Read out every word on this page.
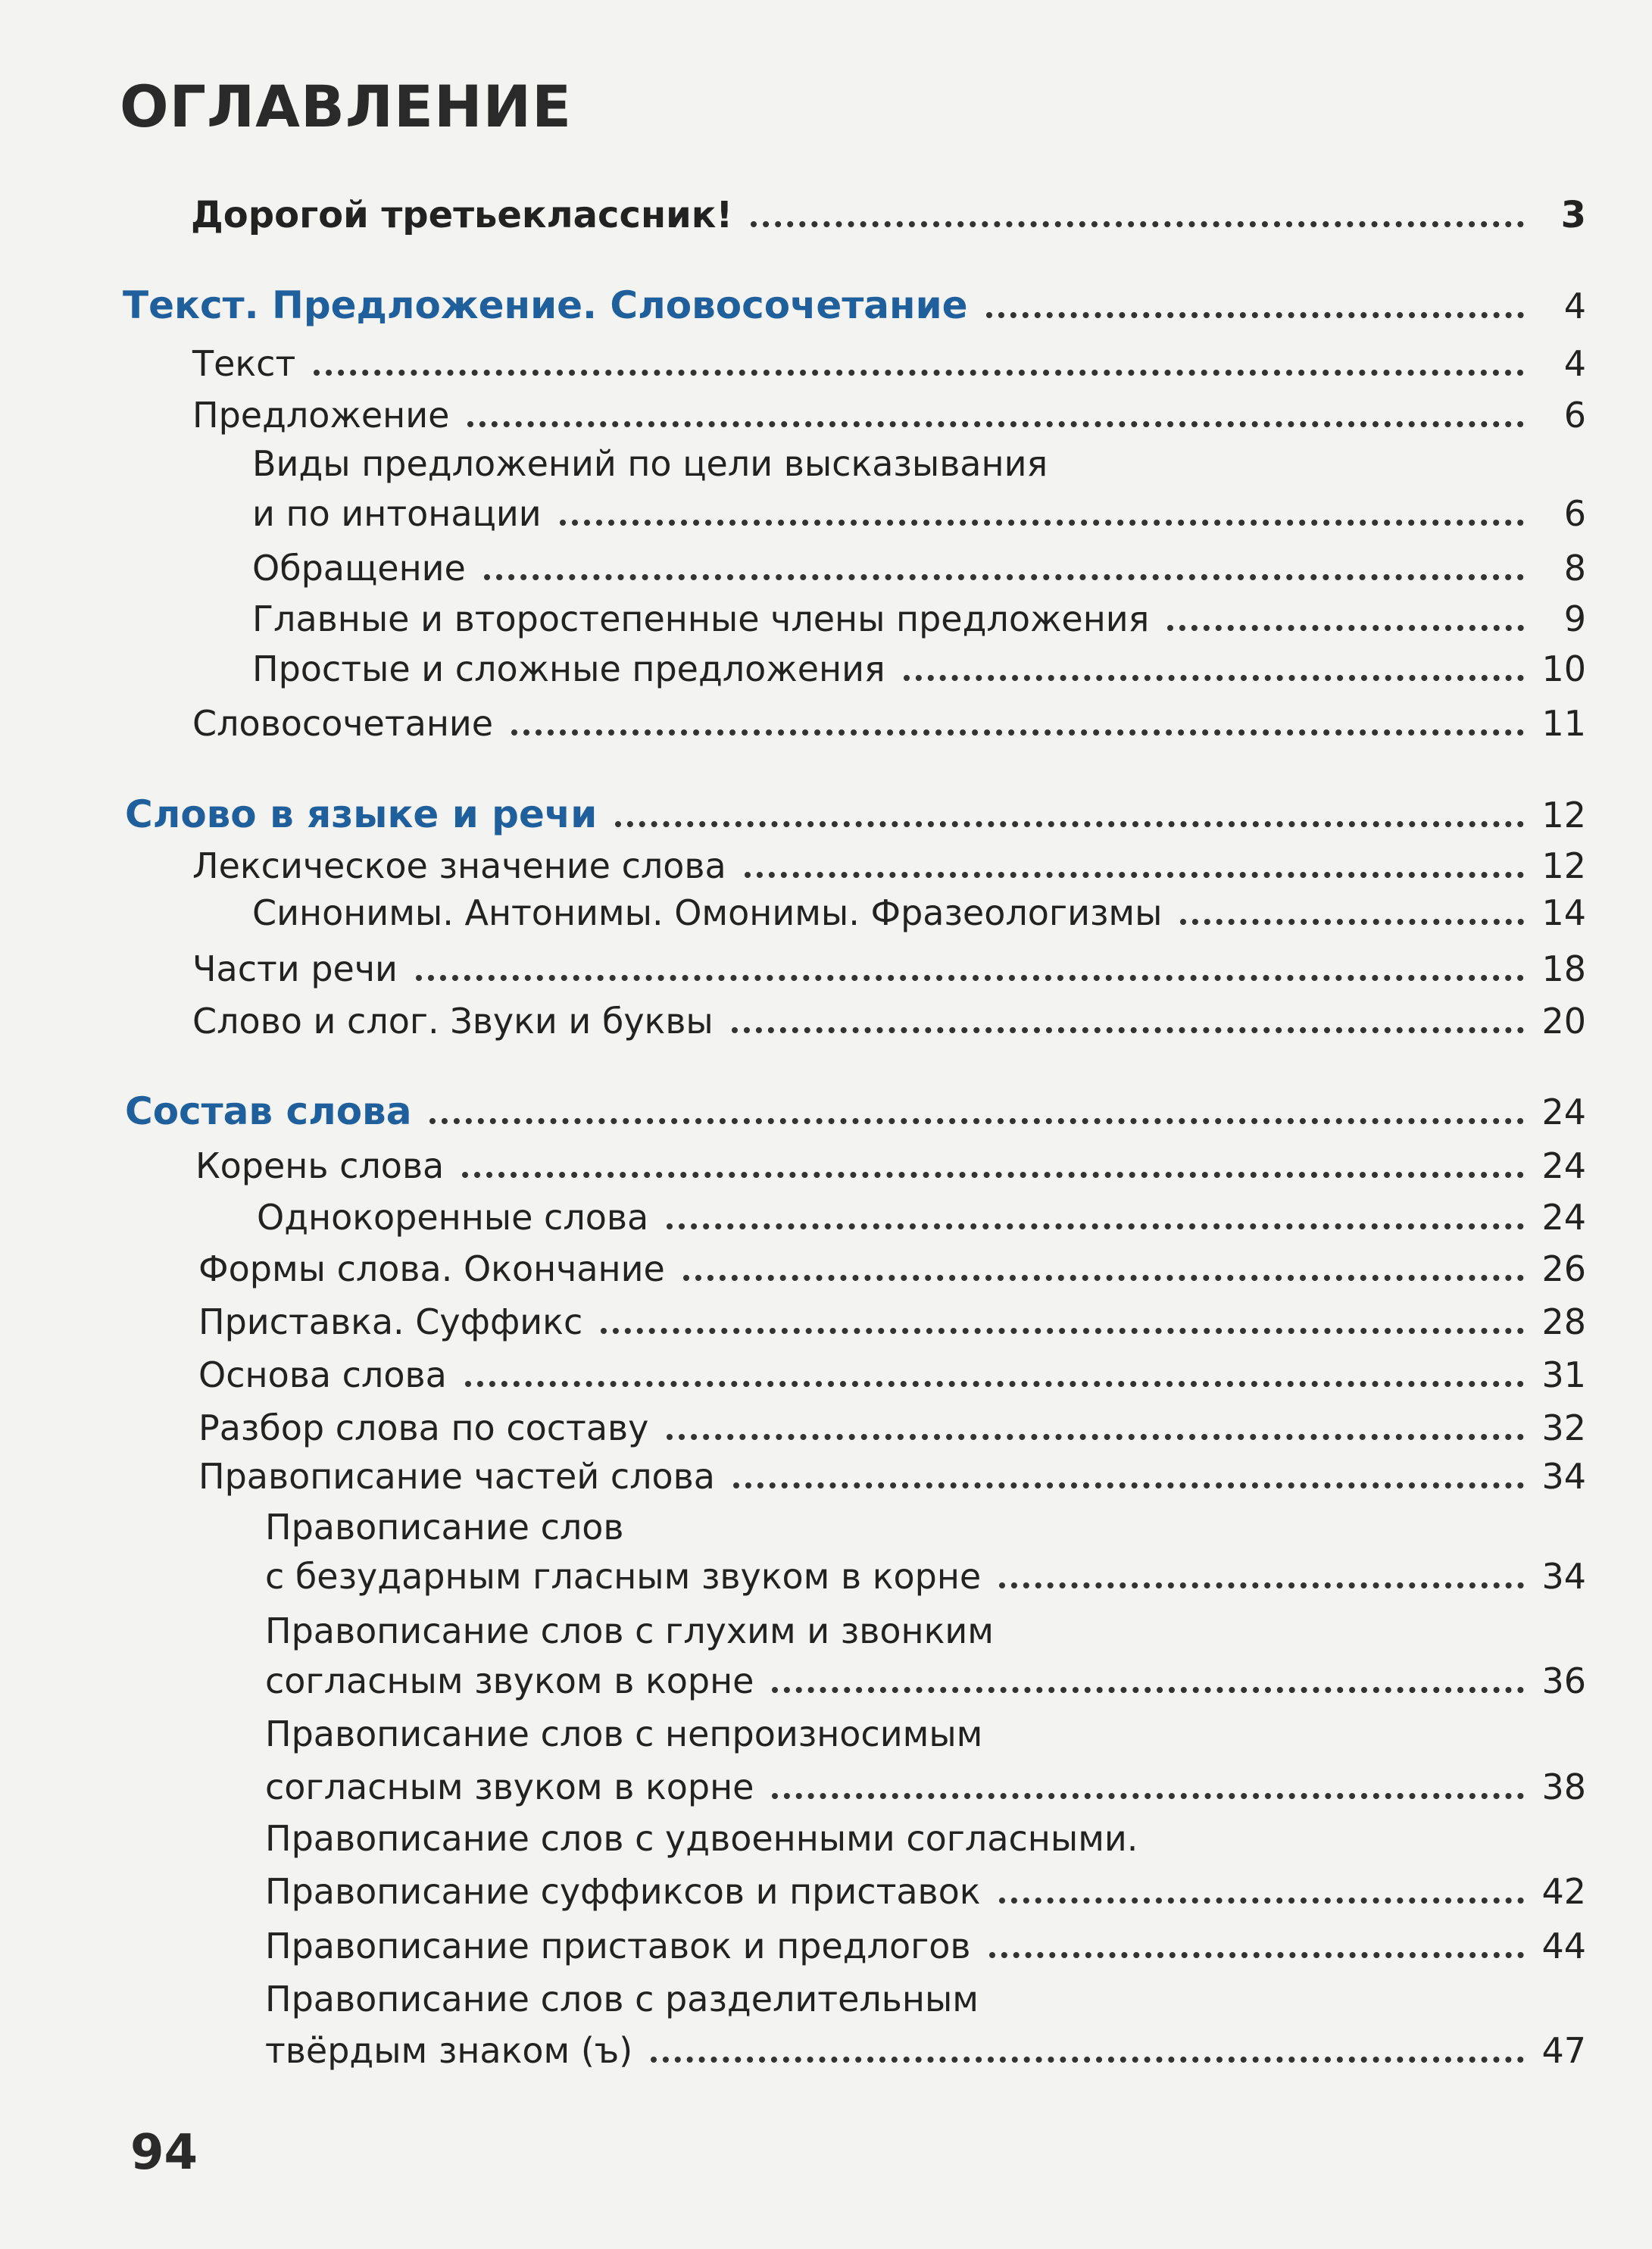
ОГЛАВЛЕНИЕ
Дорогой третьеклассник!	3
Текст. Предложение. Словосочетание	4
Текст	4
Предложение	6
Виды предложений по цели высказывания
и по интонации	6
Обращение	8
Главные и второстепенные члены предложения	9
Простые и сложные предложения	10
Словосочетание	11
Слово в языке и речи	12
Лексическое значение слова	12
Синонимы. Антонимы. Омонимы. Фразеологизмы	14
Части речи	18
Слово и слог. Звуки и буквы	20
Состав слова	24
Корень слова	24
Однокоренные слова	24
Формы слова. Окончание	26
Приставка. Суффикс	28
Основа слова	31
Разбор слова по составу	32
Правописание частей слова	34
Правописание слов
с безударным гласным звуком в корне	34
Правописание слов с глухим и звонким
согласным звуком в корне	36
Правописание слов с непроизносимым
согласным звуком в корне	38
Правописание слов с удвоенными согласными.
Правописание суффиксов и приставок	42
Правописание приставок и предлогов	44
Правописание слов с разделительным
твёрдым знаком (ъ)	47
94
